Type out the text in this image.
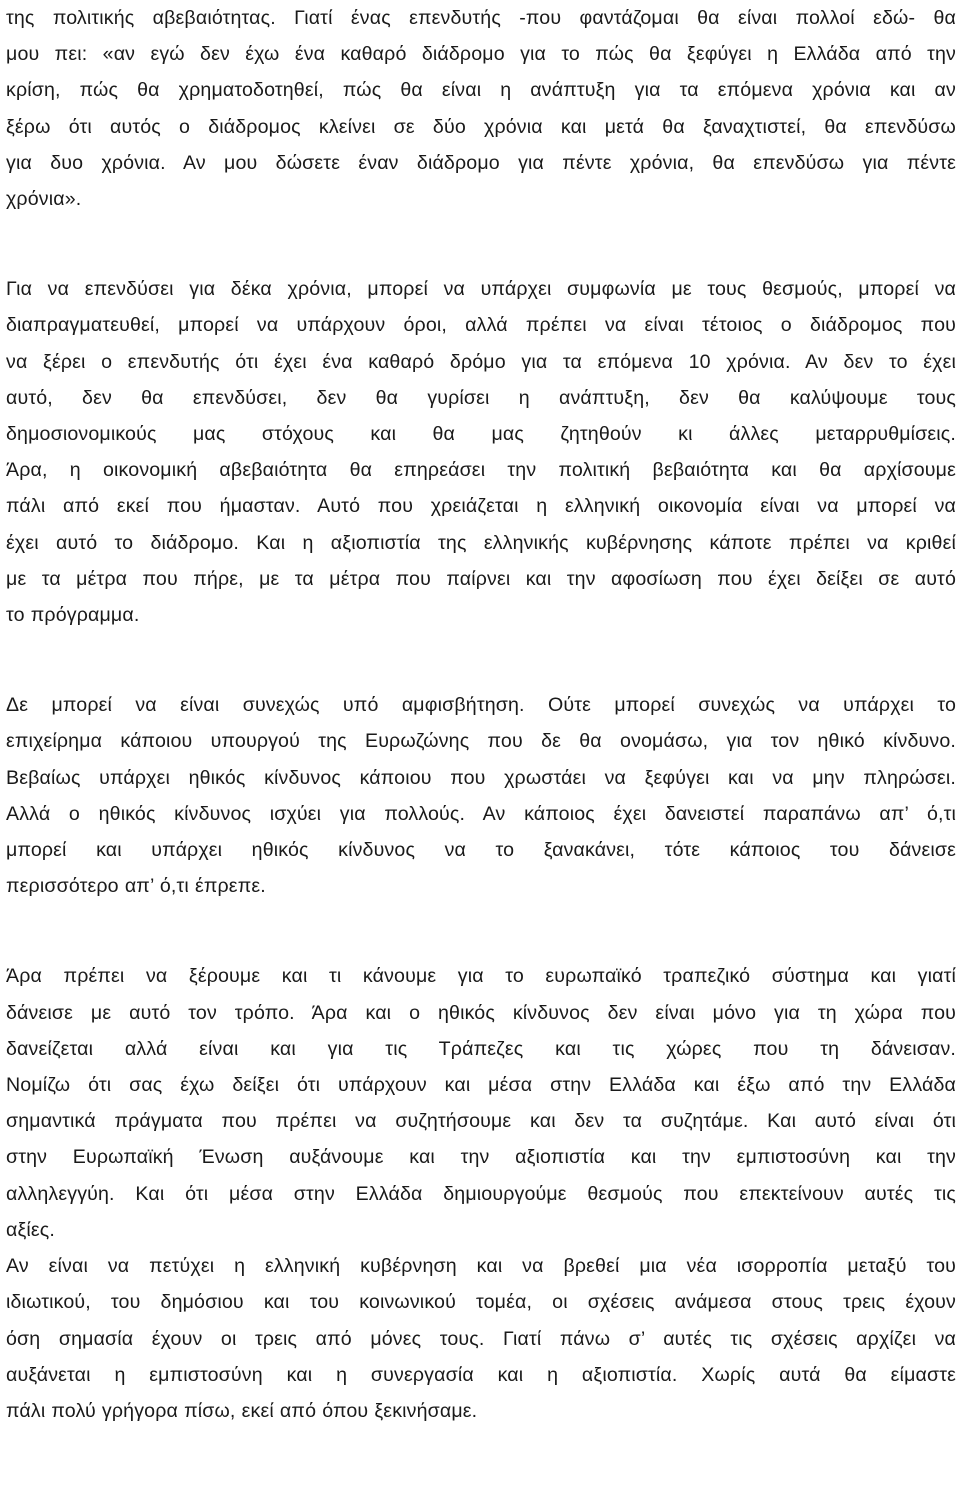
της πολιτικής αβεβαιότητας. Γιατί ένας επενδυτής -που φαντάζομαι θα είναι πολλοί εδώ- θα
μου πει: «αν εγώ δεν έχω ένα καθαρό διάδρομο για το πώς θα ξεφύγει η Ελλάδα από την
κρίση, πώς θα χρηματοδοτηθεί, πώς θα είναι η ανάπτυξη για τα επόμενα χρόνια και αν
ξέρω ότι αυτός ο διάδρομος κλείνει σε δύο χρόνια και μετά θα ξαναχτιστεί, θα επενδύσω
για δυο χρόνια. Αν μου δώσετε έναν διάδρομο για πέντε χρόνια, θα επενδύσω για πέντε
χρόνια».
Για να επενδύσει για δέκα χρόνια, μπορεί να υπάρχει συμφωνία με τους θεσμούς, μπορεί να
διαπραγματευθεί, μπορεί να υπάρχουν όροι, αλλά πρέπει να είναι τέτοιος ο διάδρομος που
να ξέρει ο επενδυτής ότι έχει ένα καθαρό δρόμο για τα επόμενα 10 χρόνια. Αν δεν το έχει
αυτό, δεν θα επενδύσει, δεν θα γυρίσει η ανάπτυξη, δεν θα καλύψουμε τους
δημοσιονομικούς μας στόχους και θα μας ζητηθούν κι άλλες μεταρρυθμίσεις.
Άρα, η οικονομική αβεβαιότητα θα επηρεάσει την πολιτική βεβαιότητα και θα αρχίσουμε
πάλι από εκεί που ήμασταν. Αυτό που χρειάζεται η ελληνική οικονομία είναι να μπορεί να
έχει αυτό το διάδρομο. Και η αξιοπιστία της ελληνικής κυβέρνησης κάποτε πρέπει να κριθεί
με τα μέτρα που πήρε, με τα μέτρα που παίρνει και την αφοσίωση που έχει δείξει σε αυτό
το πρόγραμμα.
Δε μπορεί να είναι συνεχώς υπό αμφισβήτηση. Ούτε μπορεί συνεχώς να υπάρχει το
επιχείρημα κάποιου υπουργού της Ευρωζώνης που δε θα ονομάσω, για τον ηθικό κίνδυνο.
Βεβαίως υπάρχει ηθικός κίνδυνος κάποιου που χρωστάει να ξεφύγει και να μην πληρώσει.
Αλλά ο ηθικός κίνδυνος ισχύει για πολλούς. Αν κάποιος έχει δανειστεί παραπάνω απ’ ό,τι
μπορεί και υπάρχει ηθικός κίνδυνος να το ξανακάνει, τότε κάποιος του δάνεισε
περισσότερο απ’ ό,τι έπρεπε.
Άρα πρέπει να ξέρουμε και τι κάνουμε για το ευρωπαϊκό τραπεζικό σύστημα και γιατί
δάνεισε με αυτό τον τρόπο. Άρα και ο ηθικός κίνδυνος δεν είναι μόνο για τη χώρα που
δανείζεται αλλά είναι και για τις Τράπεζες και τις χώρες που τη δάνεισαν.
Νομίζω ότι σας έχω δείξει ότι υπάρχουν και μέσα στην Ελλάδα και έξω από την Ελλάδα
σημαντικά πράγματα που πρέπει να συζητήσουμε και δεν τα συζητάμε. Και αυτό είναι ότι
στην Ευρωπαϊκή Ένωση αυξάνουμε και την αξιοπιστία και την εμπιστοσύνη και την
αλληλεγγύη. Και ότι μέσα στην Ελλάδα δημιουργούμε θεσμούς που επεκτείνουν αυτές τις
αξίες.
Αν είναι να πετύχει η ελληνική κυβέρνηση και να βρεθεί μια νέα ισορροπία μεταξύ του
ιδιωτικού, του δημόσιου και του κοινωνικού τομέα, οι σχέσεις ανάμεσα στους τρεις έχουν
όση σημασία έχουν οι τρεις από μόνες τους. Γιατί πάνω σ’ αυτές τις σχέσεις αρχίζει να
αυξάνεται η εμπιστοσύνη και η συνεργασία και η αξιοπιστία. Χωρίς αυτά θα είμαστε
πάλι πολύ γρήγορα πίσω, εκεί από όπου ξεκινήσαμε.
